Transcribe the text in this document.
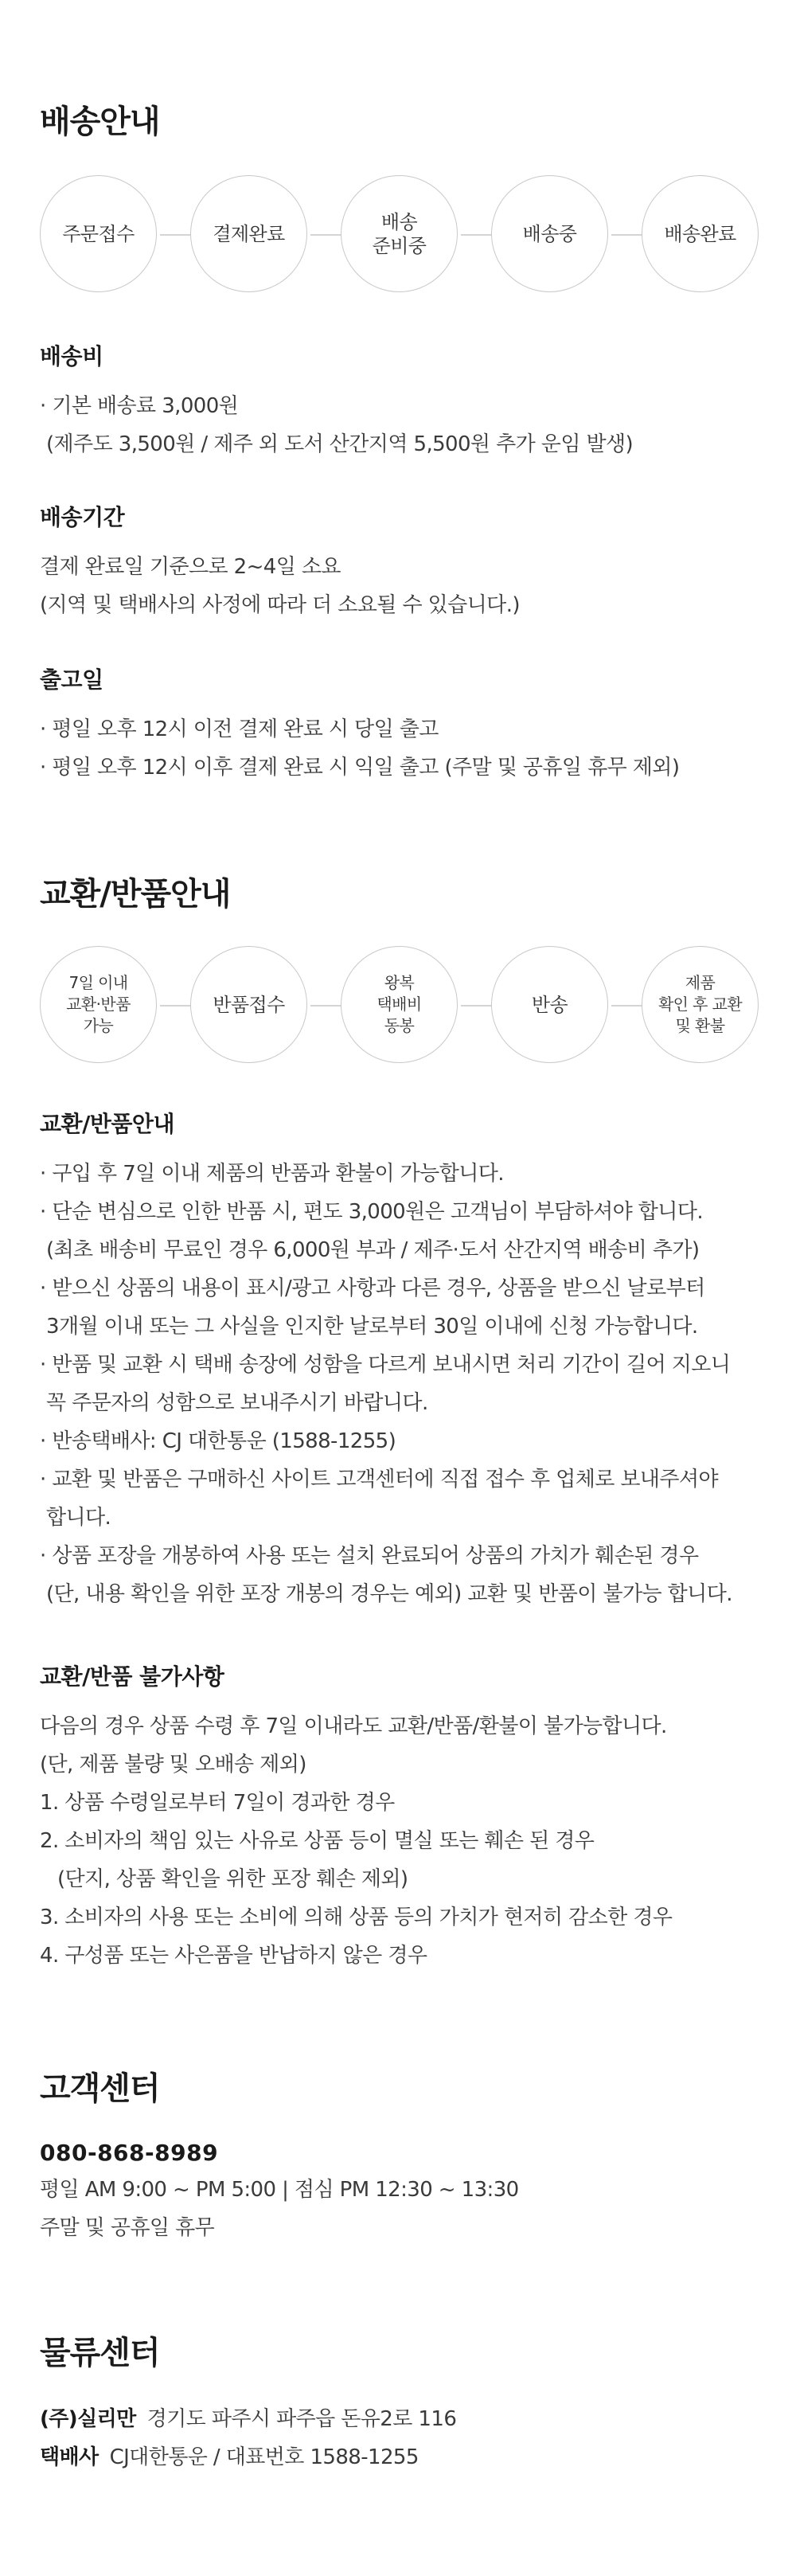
배송안내
주문접수	결제완료
배송
준비중
배송중	배송완료
배송비

· 기본 배송료 3,000원

(제주도 3,500원 / 제주 외 도서 산간지역 5,500원 추가 운임 발생)

배송기간

결제 완료일 기준으로 2~4일 소요

(지역 및 택배사의 사정에 따라 더 소요될 수 있습니다.)

출고일

· 평일 오후 12시 이전 결제 완료 시 당일 출고

· 평일 오후 12시 이후 결제 완료 시 익일 출고 (주말 및 공휴일 휴무 제외)

교환/반품안내
7일 이내
교환·반품
가능
반품접수
왕복
택배비
동봉
반송
제품
확인 후 교환
및 환불
교환/반품안내

· 구입 후 7일 이내 제품의 반품과 환불이 가능합니다.

· 단순 변심으로 인한 반품 시, 편도 3,000원은 고객님이 부담하셔야 합니다.

(최초 배송비 무료인 경우 6,000원 부과 / 제주·도서 산간지역 배송비 추가)

· 받으신 상품의 내용이 표시/광고 사항과 다른 경우, 상품을 받으신 날로부터

3개월 이내 또는 그 사실을 인지한 날로부터 30일 이내에 신청 가능합니다.

· 반품 및 교환 시 택배 송장에 성함을 다르게 보내시면 처리 기간이 길어 지오니

꼭 주문자의 성함으로 보내주시기 바랍니다.

· 반송택배사: CJ 대한통운 (1588-1255)

· 교환 및 반품은 구매하신 사이트 고객센터에 직접 접수 후 업체로 보내주셔야

합니다.

· 상품 포장을 개봉하여 사용 또는 설치 완료되어 상품의 가치가 훼손된 경우

(단, 내용 확인을 위한 포장 개봉의 경우는 예외) 교환 및 반품이 불가능 합니다.

교환/반품 불가사항

다음의 경우 상품 수령 후 7일 이내라도 교환/반품/환불이 불가능합니다.

(단, 제품 불량 및 오배송 제외)

1. 상품 수령일로부터 7일이 경과한 경우

2. 소비자의 책임 있는 사유로 상품 등이 멸실 또는 훼손 된 경우

(단지, 상품 확인을 위한 포장 훼손 제외)

3. 소비자의 사용 또는 소비에 의해 상품 등의 가치가 현저히 감소한 경우

4. 구성품 또는 사은품을 반납하지 않은 경우

고객센터

080-868-8989

평일 AM 9:00 ~ PM 5:00 | 점심 PM 12:30 ~ 13:30

주말 및 공휴일 휴무

물류센터

(주)실리만 경기도 파주시 파주읍 돈유2로 116

택배사 CJ대한통운 / 대표번호 1588-1255
